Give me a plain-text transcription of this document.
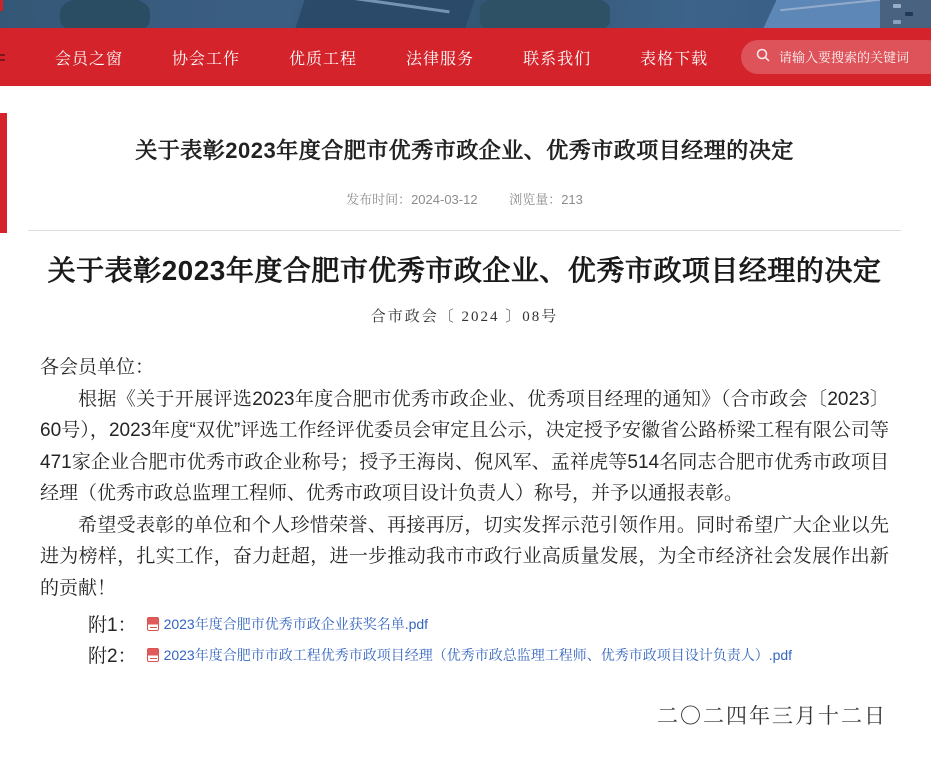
会员之窗	协会工作	优质工程	法律服务	联系我们	表格下载
请输入要搜索的关键词
关于表彰2023年度合肥市优秀市政企业、优秀市政项目经理的决定
发布时间：2024-03-12 浏览量：213
关于表彰2023年度合肥市优秀市政企业、优秀市政项目经理的决定
合市政会〔 2024 〕08号

各会员单位：

根据《关于开展评选2023年度合肥市优秀市政企业、优秀项目经理的通知》（合市政会〔2023〕60号），2023年度“双优”评选工作经评优委员会审定且公示，决定授予安徽省公路桥梁工程有限公司等471家企业合肥市优秀市政企业称号；授予王海岗、倪风军、孟祥虎等514名同志合肥市优秀市政项目经理（优秀市政总监理工程师、优秀市政项目设计负责人）称号，并予以通报表彰。

希望受表彰的单位和个人珍惜荣誉、再接再厉，切实发挥示范引领作用。同时希望广大企业以先进为榜样，扎实工作，奋力赶超，进一步推动我市市政行业高质量发展，为全市经济社会发展作出新的贡献！

附1： 2023年度合肥市优秀市政企业获奖名单.pdf
附2： 2023年度合肥市市政工程优秀市政项目经理（优秀市政总监理工程师、优秀市政项目设计负责人）.pdf
二〇二四年三月十二日
